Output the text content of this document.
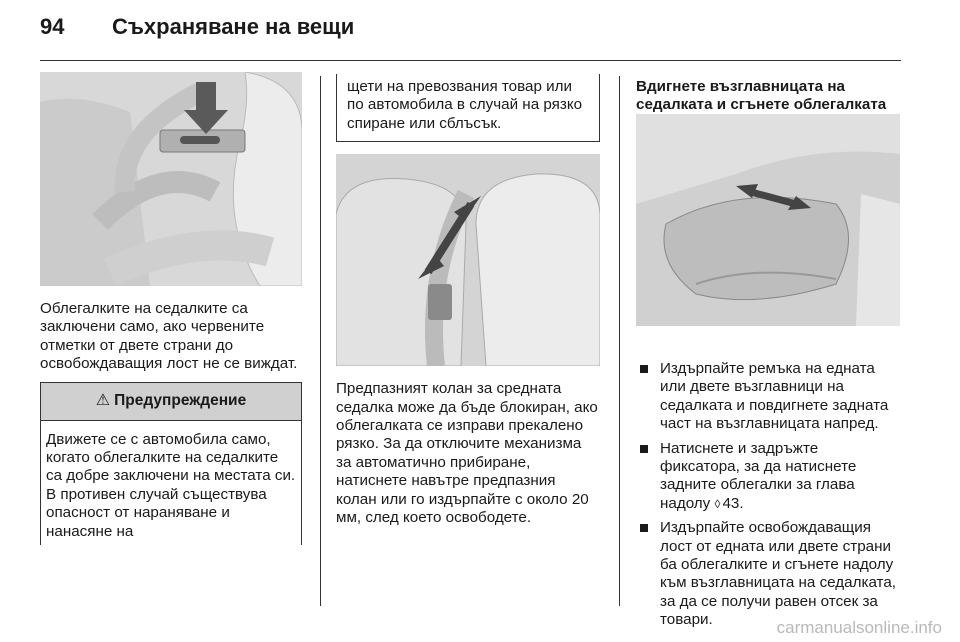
94 Съхраняване на вещи

Облегалките на седалките са заключени само, ако червените отметки от двете страни до освобождаващия лост не се виждат.

⚠ Предупреждение

Движете се с автомобила само, когато облегалките на седалките са добре заключени на местата си. В противен случай съществува опасност от нараняване и нанасяне на

щети на превозвания товар или по автомобила в случай на рязко спиране или сблъсък.

Предпазният колан за средната седалка може да бъде блокиран, ако облегалката се изправи прекалено рязко. За да отключите механизма за автоматично прибиране, натиснете навътре предпазния колан или го издърпайте с около 20 мм, след което освободете.

Вдигнете възглавницата на седалката и сгънете облегалката

Издърпайте ремъка на едната или двете възглавници на седалката и повдигнете задната част на възглавницата напред.
Натиснете и задръжте фиксатора, за да натиснете задните облегалки за глава надолу ◊ 43.
Издърпайте освобождаващия лост от едната или двете страни ба облегалките и сгънете надолу към възглавницата на седалката, за да се получи равен отсек за товари.	carmanualsonline.info
